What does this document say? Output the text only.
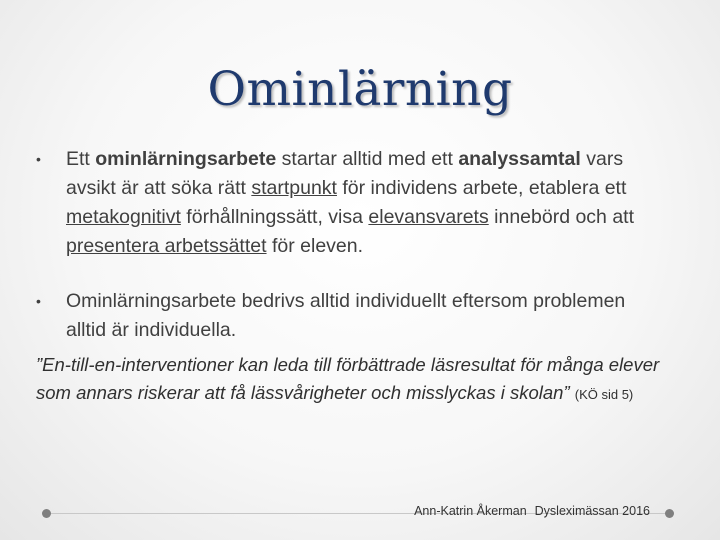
Ominlärning
• Ett ominlärningsarbete startar alltid med ett analyssamtal vars avsikt är att söka rätt startpunkt för individens arbete, etablera ett metakognitivt förhållningssätt, visa elevansvarets innebörd och att presentera arbetssättet för eleven.
• Ominlärningsarbete bedrivs alltid individuellt eftersom problemen alltid är individuella.
”En-till-en-interventioner kan leda till förbättrade läsresultat för många elever som annars riskerar att få lässvårigheter och misslyckas i skolan” (KÖ sid 5)
Ann-Katrin Åkerman Dysleximässan 2016
